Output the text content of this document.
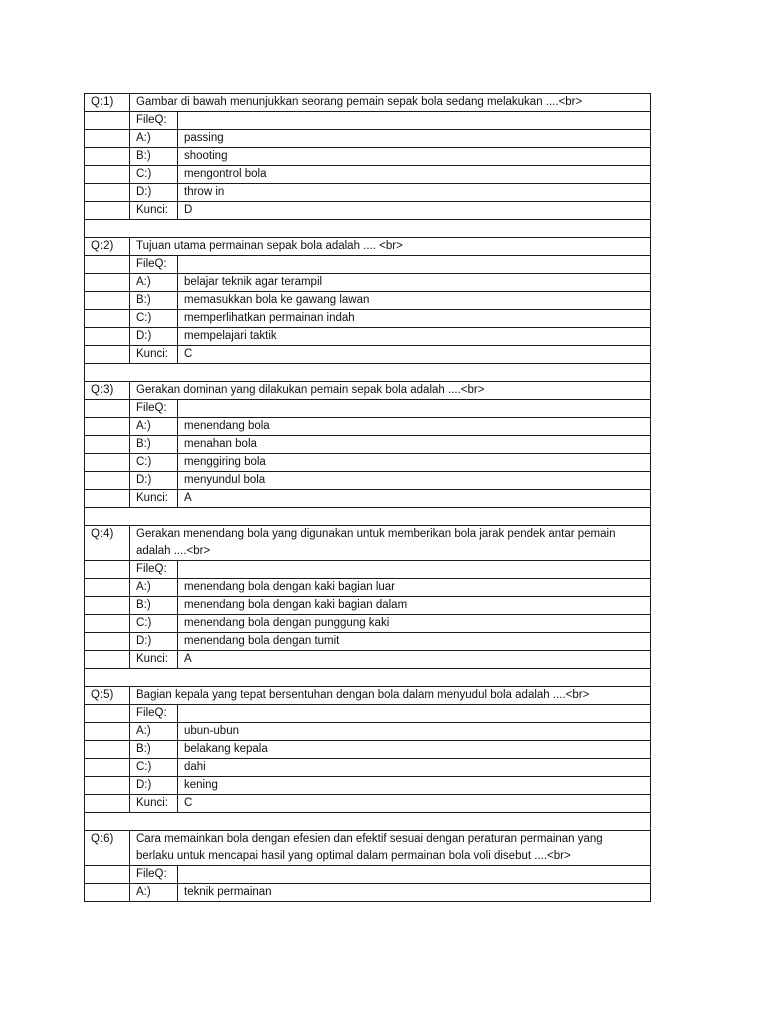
Q:1)	Gambar di bawah menunjukkan seorang pemain sepak bola sedang melakukan ....<br>	
	FileQ:	
	A:)	passing
	B:)	shooting
	C:)	mengontrol bola
	D:)	throw in
	Kunci:	D

Q:2)	Tujuan utama permainan sepak bola adalah .... <br>	
	FileQ:	
	A:)	belajar teknik agar terampil
	B:)	memasukkan bola ke gawang lawan
	C:)	memperlihatkan permainan indah
	D:)	mempelajari taktik
	Kunci:	C

Q:3)	Gerakan dominan yang dilakukan pemain sepak bola adalah ....<br>	
	FileQ:	
	A:)	menendang bola
	B:)	menahan bola
	C:)	menggiring bola
	D:)	menyundul bola
	Kunci:	A

Q:4)	Gerakan menendang bola yang digunakan untuk memberikan bola jarak pendek antar pemain adalah ....<br>	
	FileQ:	
	A:)	menendang bola dengan kaki bagian luar
	B:)	menendang bola dengan kaki bagian dalam
	C:)	menendang bola dengan punggung kaki
	D:)	menendang bola dengan tumit
	Kunci:	A

Q:5)	Bagian kepala yang tepat bersentuhan dengan bola dalam menyudul bola adalah ....<br>	
	FileQ:	
	A:)	ubun-ubun
	B:)	belakang kepala
	C:)	dahi
	D:)	kening
	Kunci:	C

Q:6)	Cara memainkan bola dengan efesien dan efektif sesuai dengan peraturan permainan yang berlaku untuk mencapai hasil yang optimal dalam permainan bola voli disebut ....<br>	
	FileQ:	
	A:)	teknik permainan
